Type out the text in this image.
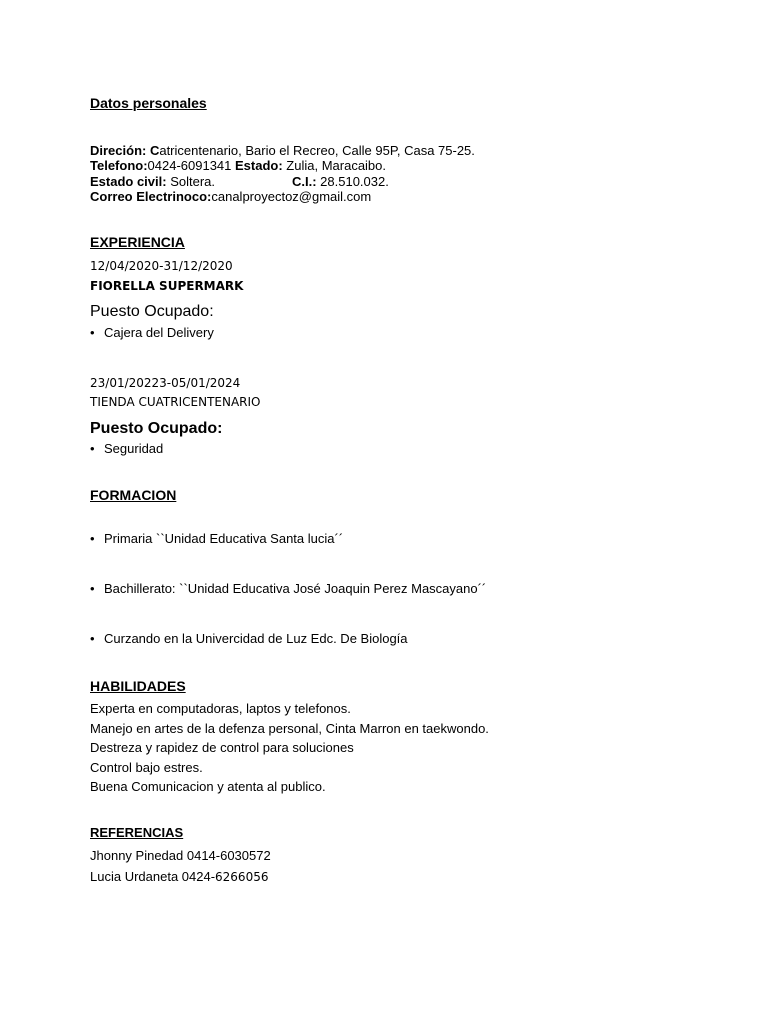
Datos personales
Direción: Catricentenario, Bario el Recreo, Calle 95P, Casa 75-25.
Telefono:0424-6091341 Estado: Zulia, Maracaibo.
Estado civil: Soltera.	C.I.: 28.510.032.
Correo Electrinoco:canalproyectoz@gmail.com
EXPERIENCIA
12/04/2020-31/12/2020
FIORELLA SUPERMARK
Puesto Ocupado:
• Cajera del Delivery
23/01/20223-05/01/2024
TIENDA CUATRICENTENARIO
Puesto Ocupado:
• Seguridad
FORMACION
• Primaria ``Unidad Educativa Santa lucia´´
• Bachillerato: ``Unidad Educativa José Joaquin Perez Mascayano´´
• Curzando en la Univercidad de Luz Edc. De Biología
HABILIDADES
Experta en computadoras, laptos y telefonos.
Manejo en artes de la defenza personal, Cinta Marron en taekwondo.
Destreza y rapidez de control para soluciones
Control bajo estres.
Buena Comunicacion y atenta al publico.
REFERENCIAS
Jhonny Pinedad 0414-6030572
Lucia Urdaneta 0424-6266056
